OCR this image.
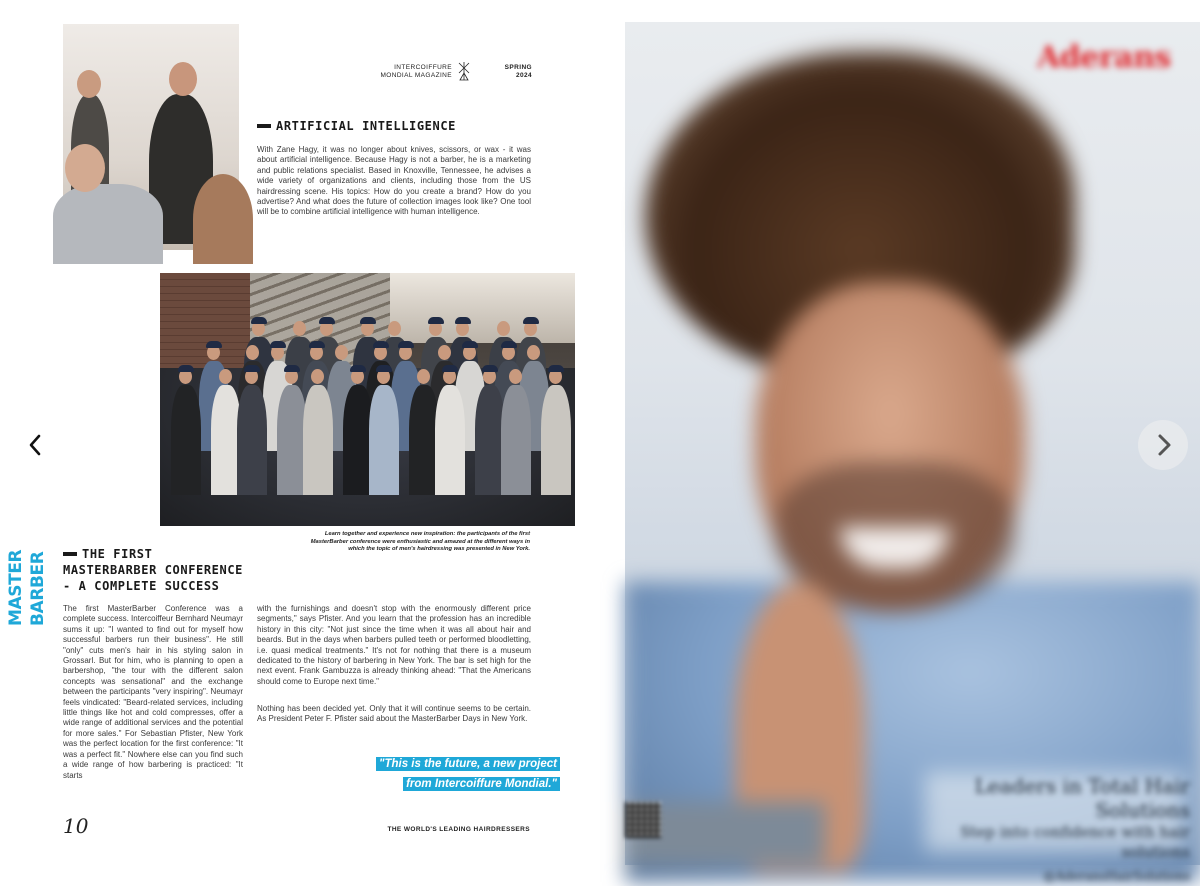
INTERCOIFFURE
MONDIAL MAGAZINE
SPRING
2024
ARTIFICIAL INTELLIGENCE
With Zane Hagy, it was no longer about knives, scissors, or wax - it was about artificial intelligence. Because Hagy is not a barber, he is a marketing and public relations specialist. Based in Knoxville, Tennessee, he advises a wide variety of organizations and clients, including those from the US hairdressing scene. His topics: How do you create a brand? How do you advertise? And what does the future of collection images look like? One tool will be to combine artificial intelligence with human intelligence.
Learn together and experience new inspiration: the participants of the first MasterBarber conference were enthusiastic and amazed at the different ways in which the topic of men's hairdressing was presented in New York.
MASTER BARBER	THE FIRST MASTERBARBER CONFERENCE - A COMPLETE SUCCESS
The first MasterBarber Conference was a complete success. Intercoiffeur Bernhard Neumayr sums it up: "I wanted to find out for myself how successful barbers run their business". He still "only" cuts men's hair in his styling salon in Grossarl. But for him, who is planning to open a barbershop, "the tour with the different salon concepts was sensational" and the exchange between the participants "very inspiring". Neumayr feels vindicated: "Beard-related services, including little things like hot and cold compresses, offer a wide range of additional services and the potential for more sales." For Sebastian Pfister, New York was the perfect location for the first conference: "It was a perfect fit." Nowhere else can you find such a wide range of how barbering is practiced: "It starts
with the furnishings and doesn't stop with the enormously different price segments," says Pfister. And you learn that the profession has an incredible history in this city: "Not just since the time when it was all about hair and beards. But in the days when barbers pulled teeth or performed bloodletting, i.e. quasi medical treatments." It's not for nothing that there is a museum dedicated to the history of barbering in New York. The bar is set high for the next event. Frank Gambuzza is already thinking ahead: "That the Americans should come to Europe next time."
Nothing has been decided yet. Only that it will continue seems to be certain. As President Peter F. Pfister said about the MasterBarber Days in New York.
"This is the future, a new project
from Intercoiffure Mondial."
10	THE WORLD'S LEADING HAIRDRESSERS
Aderans
Leaders in Total Hair Solutions
Step into confidence with hair solutions
@AderansHairSolutions
